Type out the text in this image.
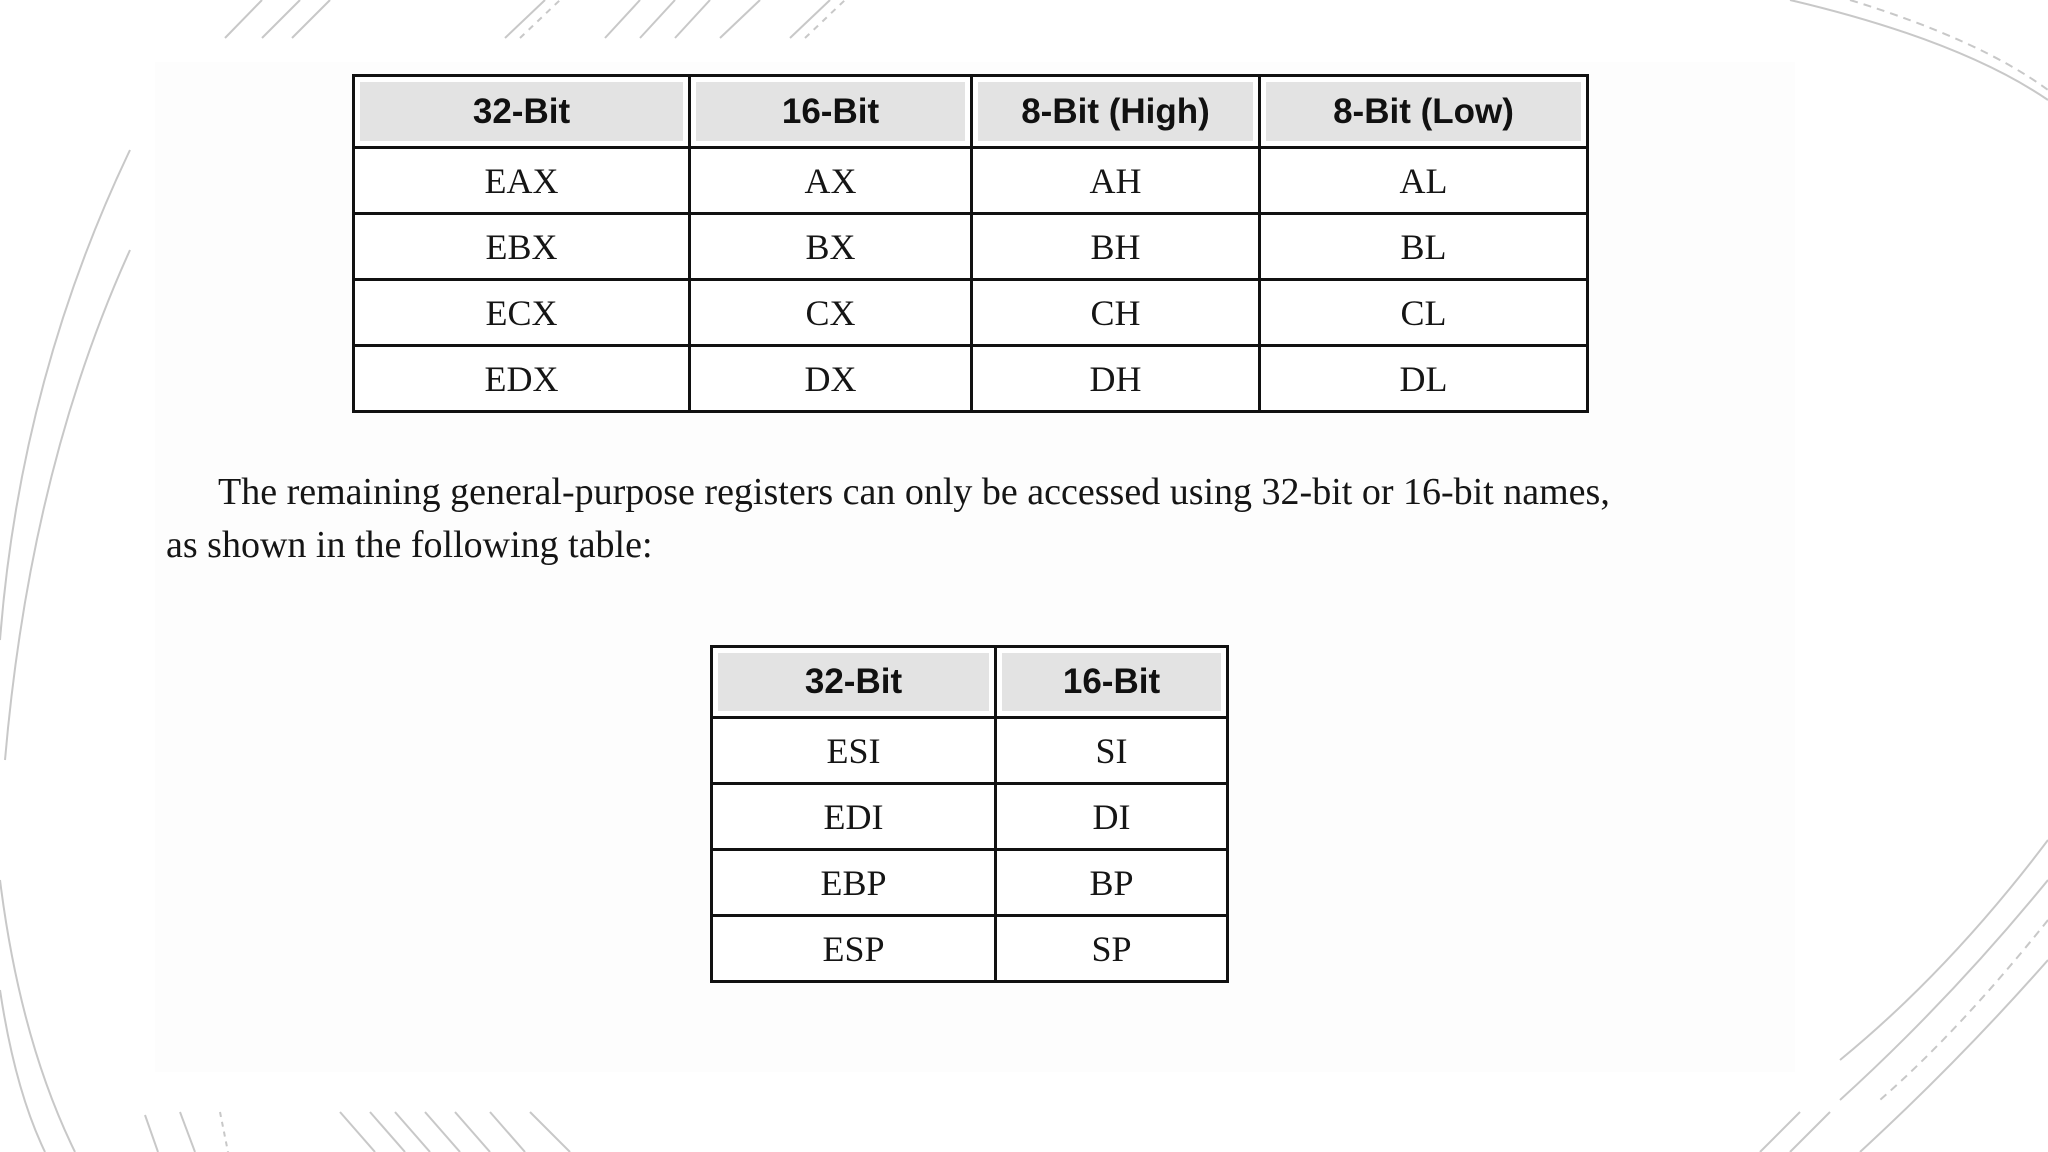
32-Bit	16-Bit	8-Bit (High)	8-Bit (Low)
EAX	AX	AH	AL
EBX	BX	BH	BL
ECX	CX	CH	CL
EDX	DX	DH	DL

The remaining general-purpose registers can only be accessed using 32-bit or 16-bit names,
as shown in the following table:

32-Bit	16-Bit
ESI	SI
EDI	DI
EBP	BP
ESP	SP
